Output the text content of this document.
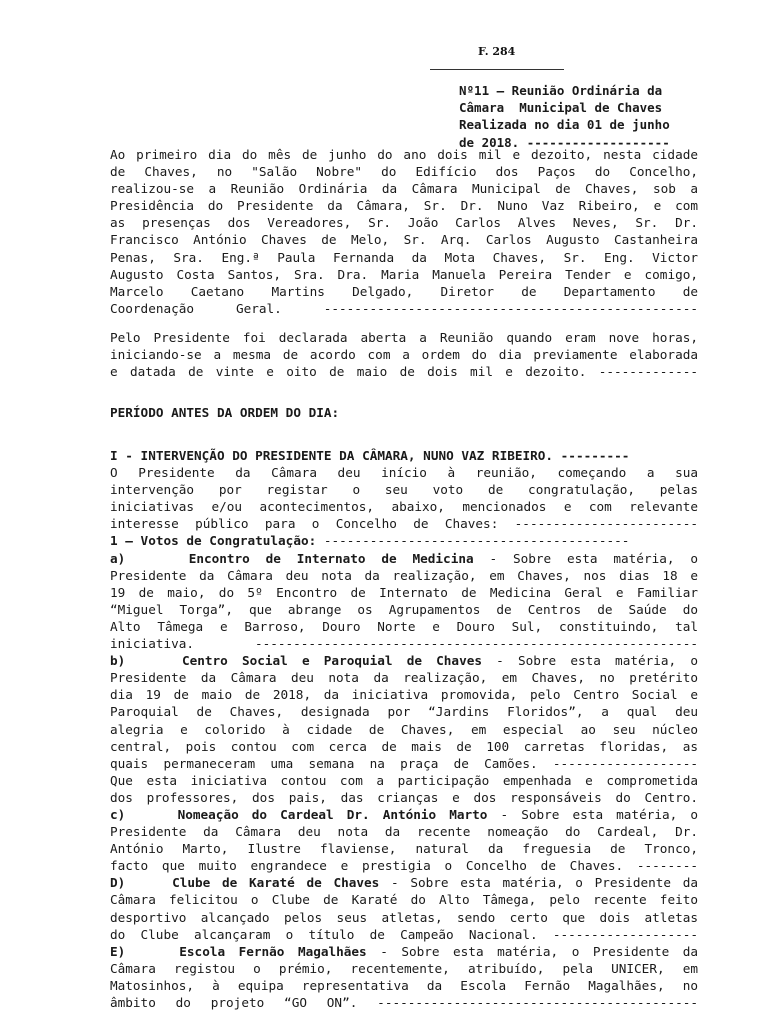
F. 284
Nº11 – Reunião Ordinária da
Câmara  Municipal de Chaves
Realizada no dia 01 de junho
de 2018. -------------------
Ao primeiro dia do mês de junho do ano dois mil e dezoito, nesta cidade
de Chaves, no "Salão Nobre" do Edifício dos Paços do Concelho,
realizou-se a Reunião Ordinária da Câmara Municipal de Chaves, sob a
Presidência do Presidente da Câmara, Sr. Dr. Nuno Vaz Ribeiro, e com
as presenças dos Vereadores, Sr. João Carlos Alves Neves, Sr. Dr.
Francisco António Chaves de Melo, Sr. Arq. Carlos Augusto Castanheira
Penas, Sra. Eng.ª Paula Fernanda da Mota Chaves, Sr. Eng. Victor
Augusto Costa Santos, Sra. Dra. Maria Manuela Pereira Tender e comigo,
Marcelo Caetano Martins Delgado, Diretor de Departamento de
Coordenação Geral. -------------------------------------------------
Pelo Presidente foi declarada aberta a Reunião quando eram nove horas,
iniciando-se a mesma de acordo com a ordem do dia previamente elaborada
e datada de vinte e oito de maio de dois mil e dezoito. -------------
PERÍODO ANTES DA ORDEM DO DIA:
I - INTERVENÇÃO DO PRESIDENTE DA CÂMARA, NUNO VAZ RIBEIRO. ---------
O Presidente da Câmara deu início à reunião, começando a sua
intervenção por registar o seu voto de congratulação, pelas
iniciativas e/ou acontecimentos, abaixo, mencionados e com relevante
interesse público para o Concelho de Chaves: ------------------------
1 – Votos de Congratulação: ----------------------------------------
a)    Encontro de Internato de Medicina - Sobre esta matéria, o
Presidente da Câmara deu nota da realização, em Chaves, nos dias 18 e
19 de maio, do 5º Encontro de Internato de Medicina Geral e Familiar
“Miguel Torga”, que abrange os Agrupamentos de Centros de Saúde do
Alto Tâmega e Barroso, Douro Norte e Douro Sul, constituindo, tal
iniciativa. ----------------------------------------------------------
b)    Centro Social e Paroquial de Chaves - Sobre esta matéria, o
Presidente da Câmara deu nota da realização, em Chaves, no pretérito
dia 19 de maio de 2018, da iniciativa promovida, pelo Centro Social e
Paroquial de Chaves, designada por “Jardins Floridos”, a qual deu
alegria e colorido à cidade de Chaves, em especial ao seu núcleo
central, pois contou com cerca de mais de 100 carretas floridas, as
quais permaneceram uma semana na praça de Camões. -------------------
Que esta iniciativa contou com a participação empenhada e comprometida
dos professores, dos pais, das crianças e dos responsáveis do Centro.
c)    Nomeação do Cardeal Dr. António Marto - Sobre esta matéria, o
Presidente da Câmara deu nota da recente nomeação do Cardeal, Dr.
António Marto, Ilustre flaviense, natural da freguesia de Tronco,
facto que muito engrandece e prestigia o Concelho de Chaves. --------
D)    Clube de Karaté de Chaves - Sobre esta matéria, o Presidente da
Câmara felicitou o Clube de Karaté do Alto Tâmega, pelo recente feito
desportivo alcançado pelos seus atletas, sendo certo que dois atletas
do Clube alcançaram o título de Campeão Nacional. -------------------
E)    Escola Fernão Magalhães - Sobre esta matéria, o Presidente da
Câmara registou o prémio, recentemente, atribuído, pela UNICER, em
Matosinhos, à equipa representativa da Escola Fernão Magalhães, no
âmbito do projeto “GO ON”. ------------------------------------------
